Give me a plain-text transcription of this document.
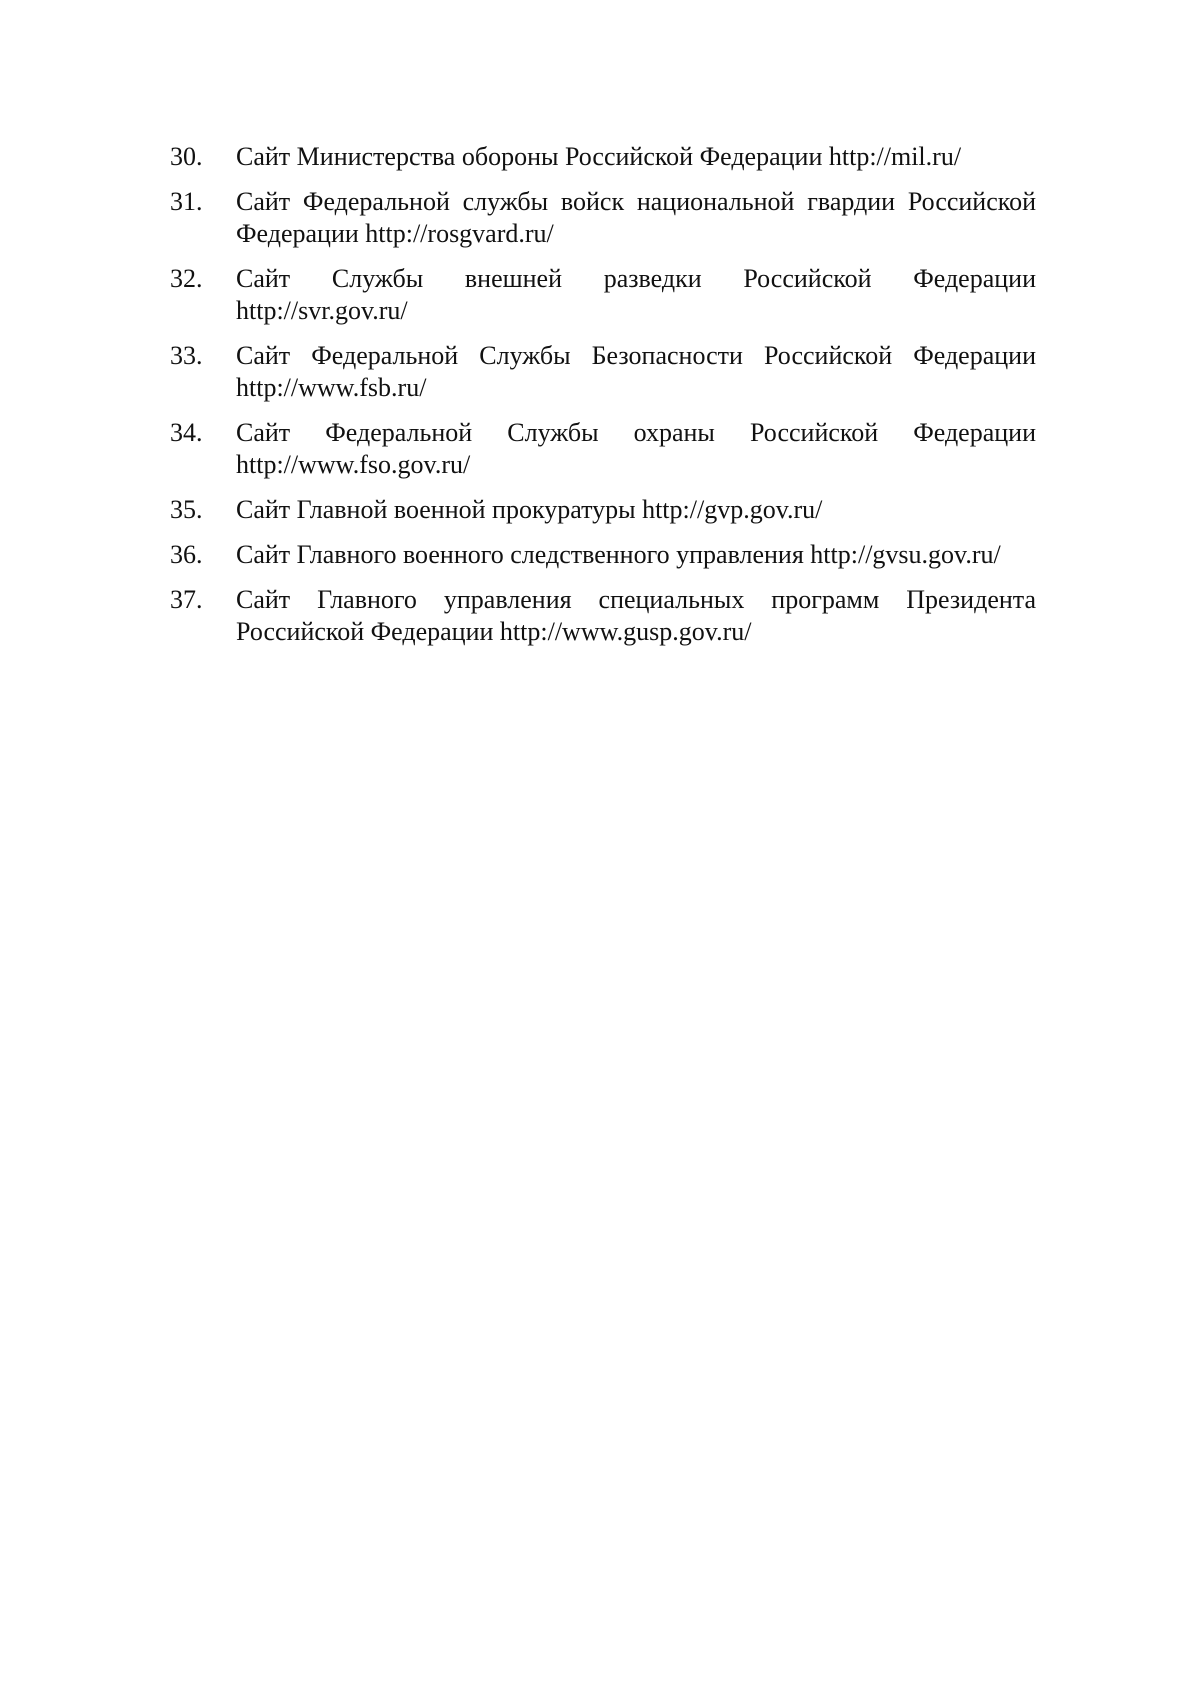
30.	Сайт Министерства обороны Российской Федерации http://mil.ru/
31.	Сайт Федеральной службы войск национальной гвардии Российской Федерации http://rosgvard.ru/
32.	Сайт Службы внешней разведки Российской Федерации http://svr.gov.ru/
33.	Сайт Федеральной Службы Безопасности Российской Федерации http://www.fsb.ru/
34.	Сайт Федеральной Службы охраны Российской Федерации http://www.fso.gov.ru/
35.	Сайт Главной военной прокуратуры http://gvp.gov.ru/
36.	Сайт Главного военного следственного управления http://gvsu.gov.ru/
37.	Сайт Главного управления специальных программ Президента Российской Федерации http://www.gusp.gov.ru/
